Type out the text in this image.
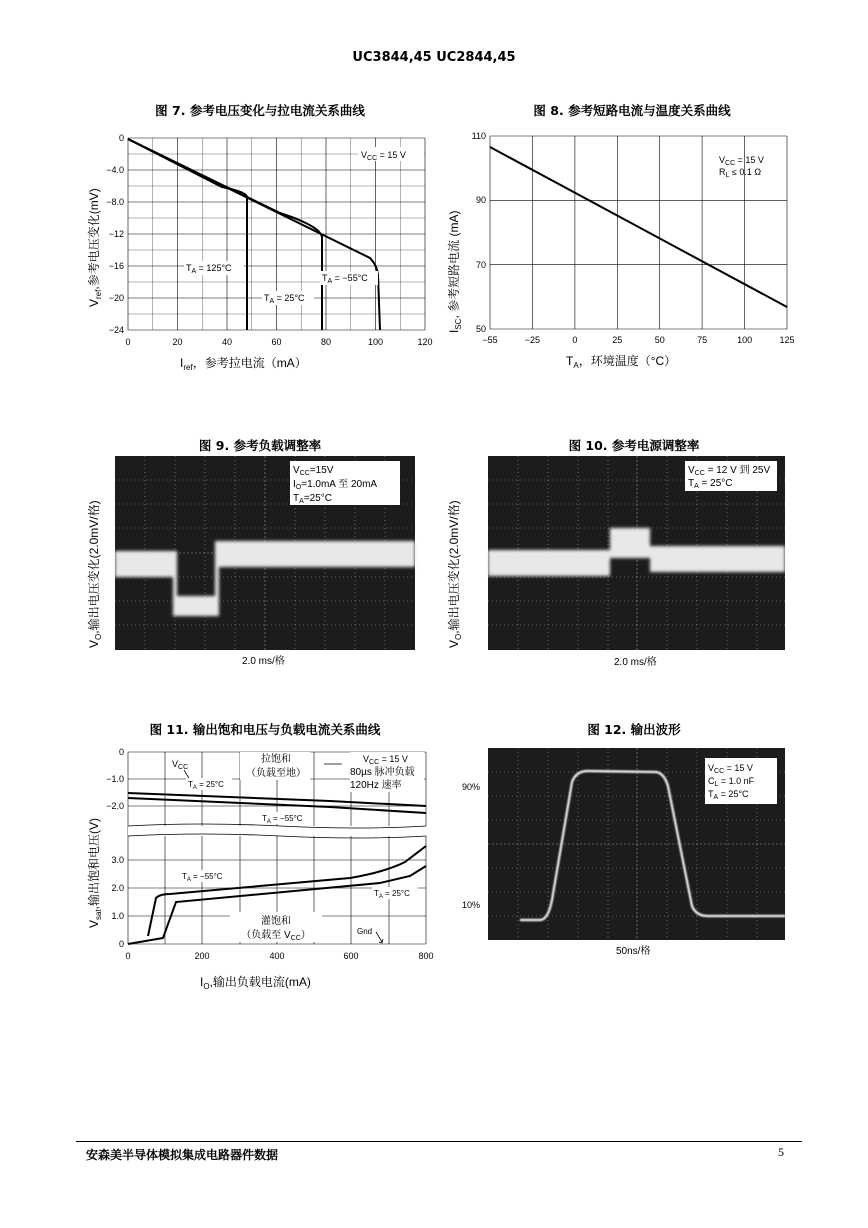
UC3844,45 UC2844,45
图 7. 参考电压变化与拉电流关系曲线
0
−4.0
−8.0
−12
−16
−20
−24
0	20	40	60	80	100	120
$V_{CC} = 15$ V
$T_A = 125^\circ C$
$T_A = 25^\circ C$
$T_A = -55^\circ C$
$I_{ref}$，参考拉电流（mA）
$V_{ref}$,参考电压变化(mV)
图 8. 参考短路电流与温度关系曲线
110
90
70
50
−55	−25	0	25	50	75	100	125
$V_{CC} = 15$ V
$R_L \le 0.1$ Ω
$T_A$，环境温度（°C）
$I_{SC}$, 参考短路电流 (mA)
图 9. 参考负载调整率
$V_{CC}=15V$
$I_O=1.0mA$ 至 20mA
$T_A=25^\circ C$
2.0 ms/格
$V_O$,输出电压变化(2.0mV/格)
图 10. 参考电源调整率
$V_{CC} = 12$ V 到 25V
$T_A = 25^\circ C$
2.0 ms/格
$V_O$,输出电压变化(2.0mV/格)
图 11. 输出饱和电压与负载电流关系曲线
0
−1.0
−2.0
3.0
2.0
1.0
0
0	200	400	600	800
$V_{CC}$
拉饱和
（负载至地）
$V_{CC} = 15$ V
80µs 脉冲负载
120Hz 速率
$T_A = 25^\circ C$
$T_A = -55^\circ C$
$T_A = -55^\circ C$
$T_A = 25^\circ C$
灌饱和
（负载至 $V_{CC}$）	Gnd
$I_O$,输出负载电流(mA)
$V_{sat}$,输出饱和电压(V)
图 12. 输出波形
$V_{CC} = 15$ V
$C_L = 1.0$ nF
$T_A = 25^\circ C$
90%
10%
50ns/格
安森美半导体模拟集成电路器件数据	5
